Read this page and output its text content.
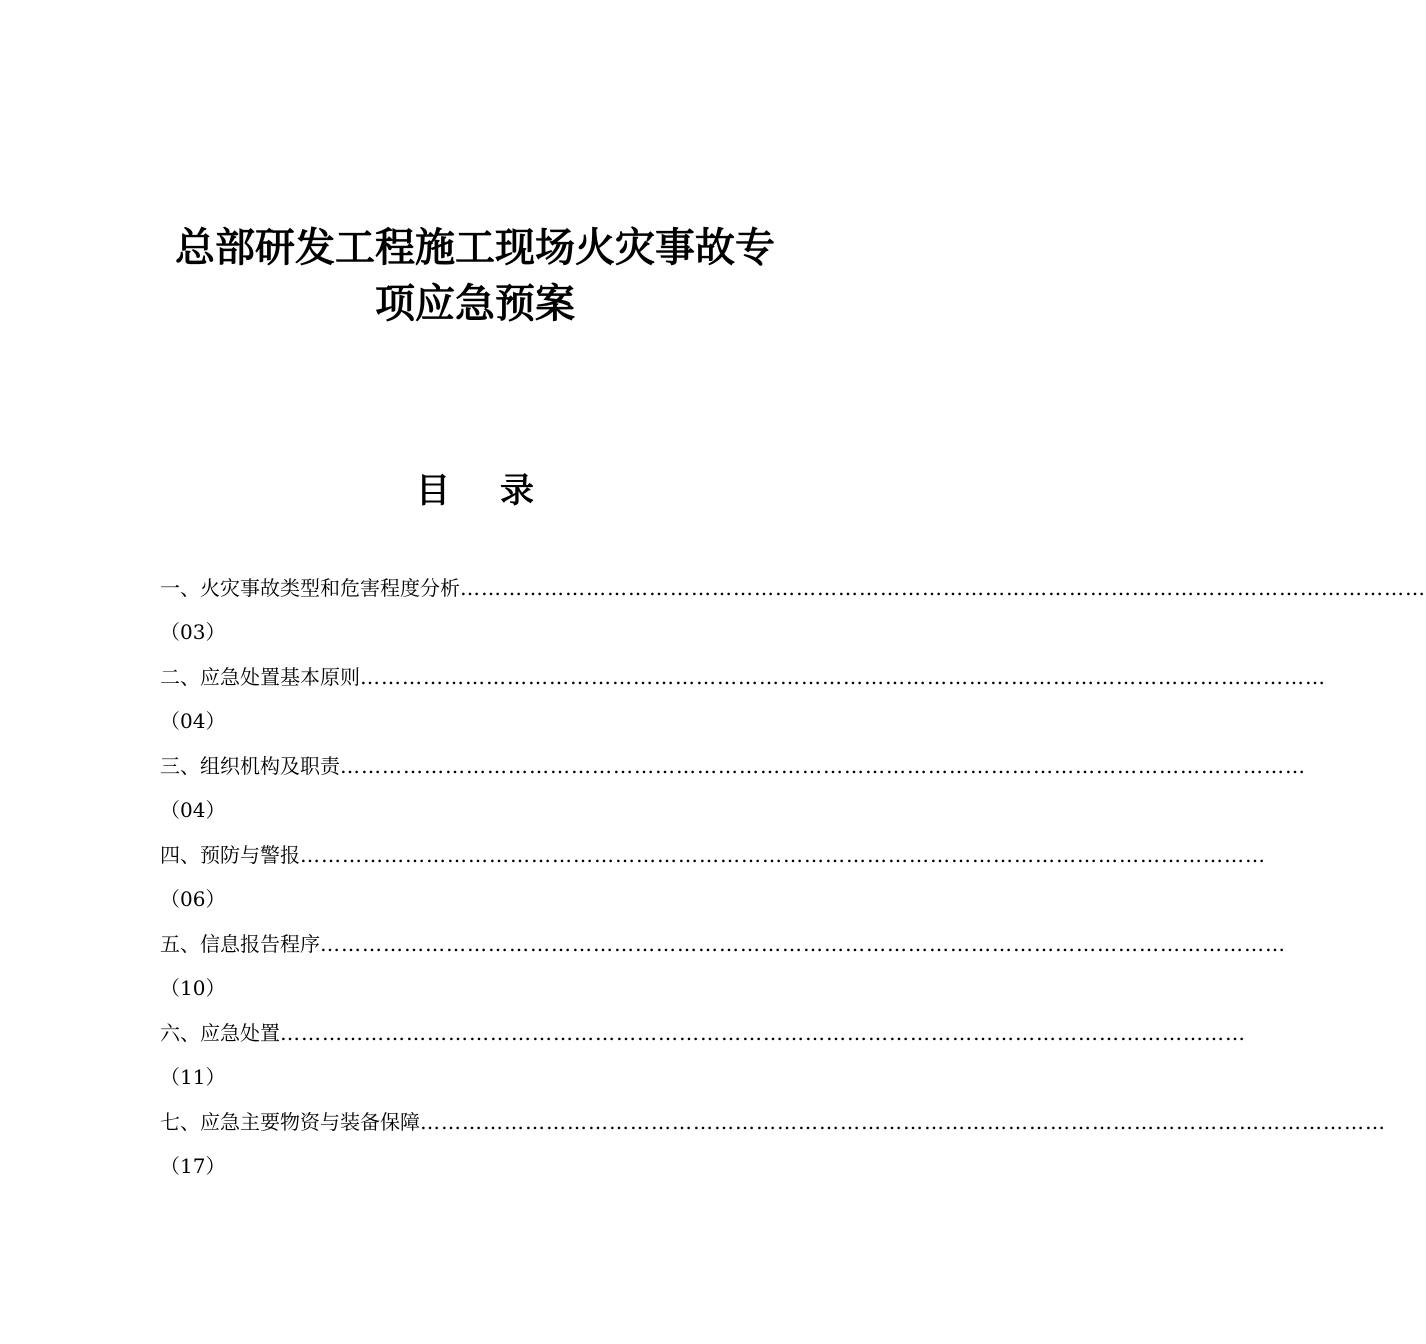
总部研发工程施工现场火灾事故专
项应急预案
目录
一、火灾事故类型和危害程度分析 …………………………………………………………………………………………………………………………
（03）
二、应急处置基本原则 …………………………………………………………………………………………………………………………
（04）
三、组织机构及职责 …………………………………………………………………………………………………………………………
（04）
四、预防与警报 …………………………………………………………………………………………………………………………
（06）
五、信息报告程序 …………………………………………………………………………………………………………………………
（10）
六、应急处置 …………………………………………………………………………………………………………………………
（11）
七、应急主要物资与装备保障 …………………………………………………………………………………………………………………………
（17）
